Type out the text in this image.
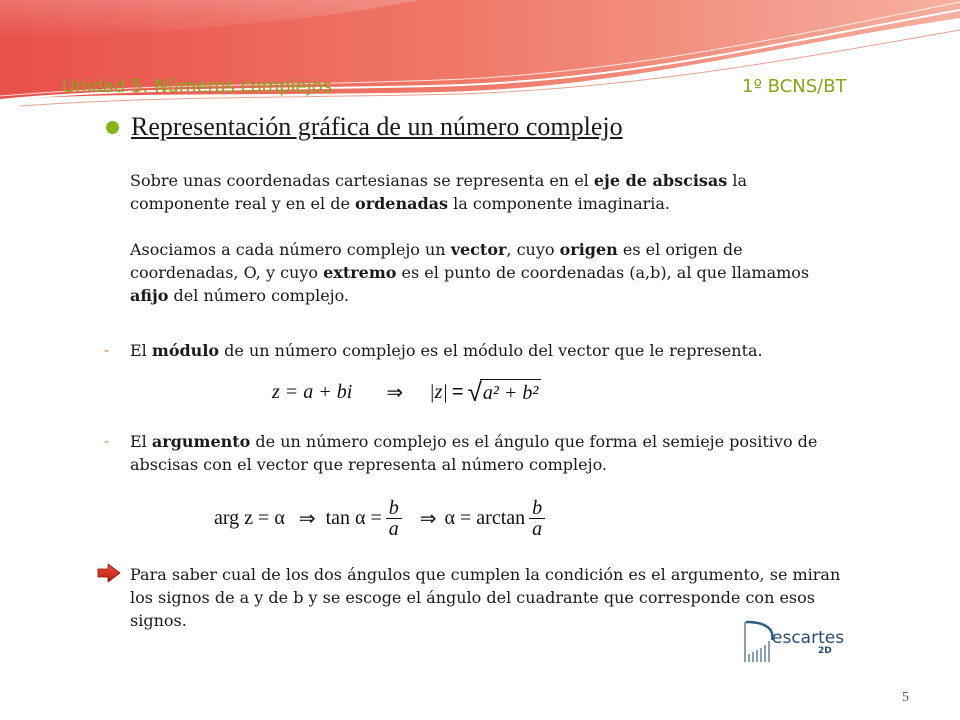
Unidad 5. Números complejos	1º BCNS/BT
Representación gráfica de un número complejo

Sobre unas coordenadas cartesianas se representa en el eje de abscisas la componente real y en el de ordenadas la componente imaginaria.

Asociamos a cada número complejo un vector, cuyo origen es el origen de coordenadas, O, y cuyo extremo es el punto de coordenadas (a,b), al que llamamos afijo del número complejo.

- El módulo de un número complejo es el módulo del vector que le representa.

z = a + bi ⇒ |z| = √ a² + b²
- El argumento de un número complejo es el ángulo que forma el semieje positivo de abscisas con el vector que representa al número complejo.

arg z = α ⇒ $\tan \alpha = \frac{b}{a}$ ⇒ $\alpha = \arctan \frac{b}{a}$

Para saber cual de los dos ángulos que cumplen la condición es el argumento, se miran los signos de a y de b y se escoge el ángulo del cuadrante que corresponde con esos signos.

escartes
2D
5
